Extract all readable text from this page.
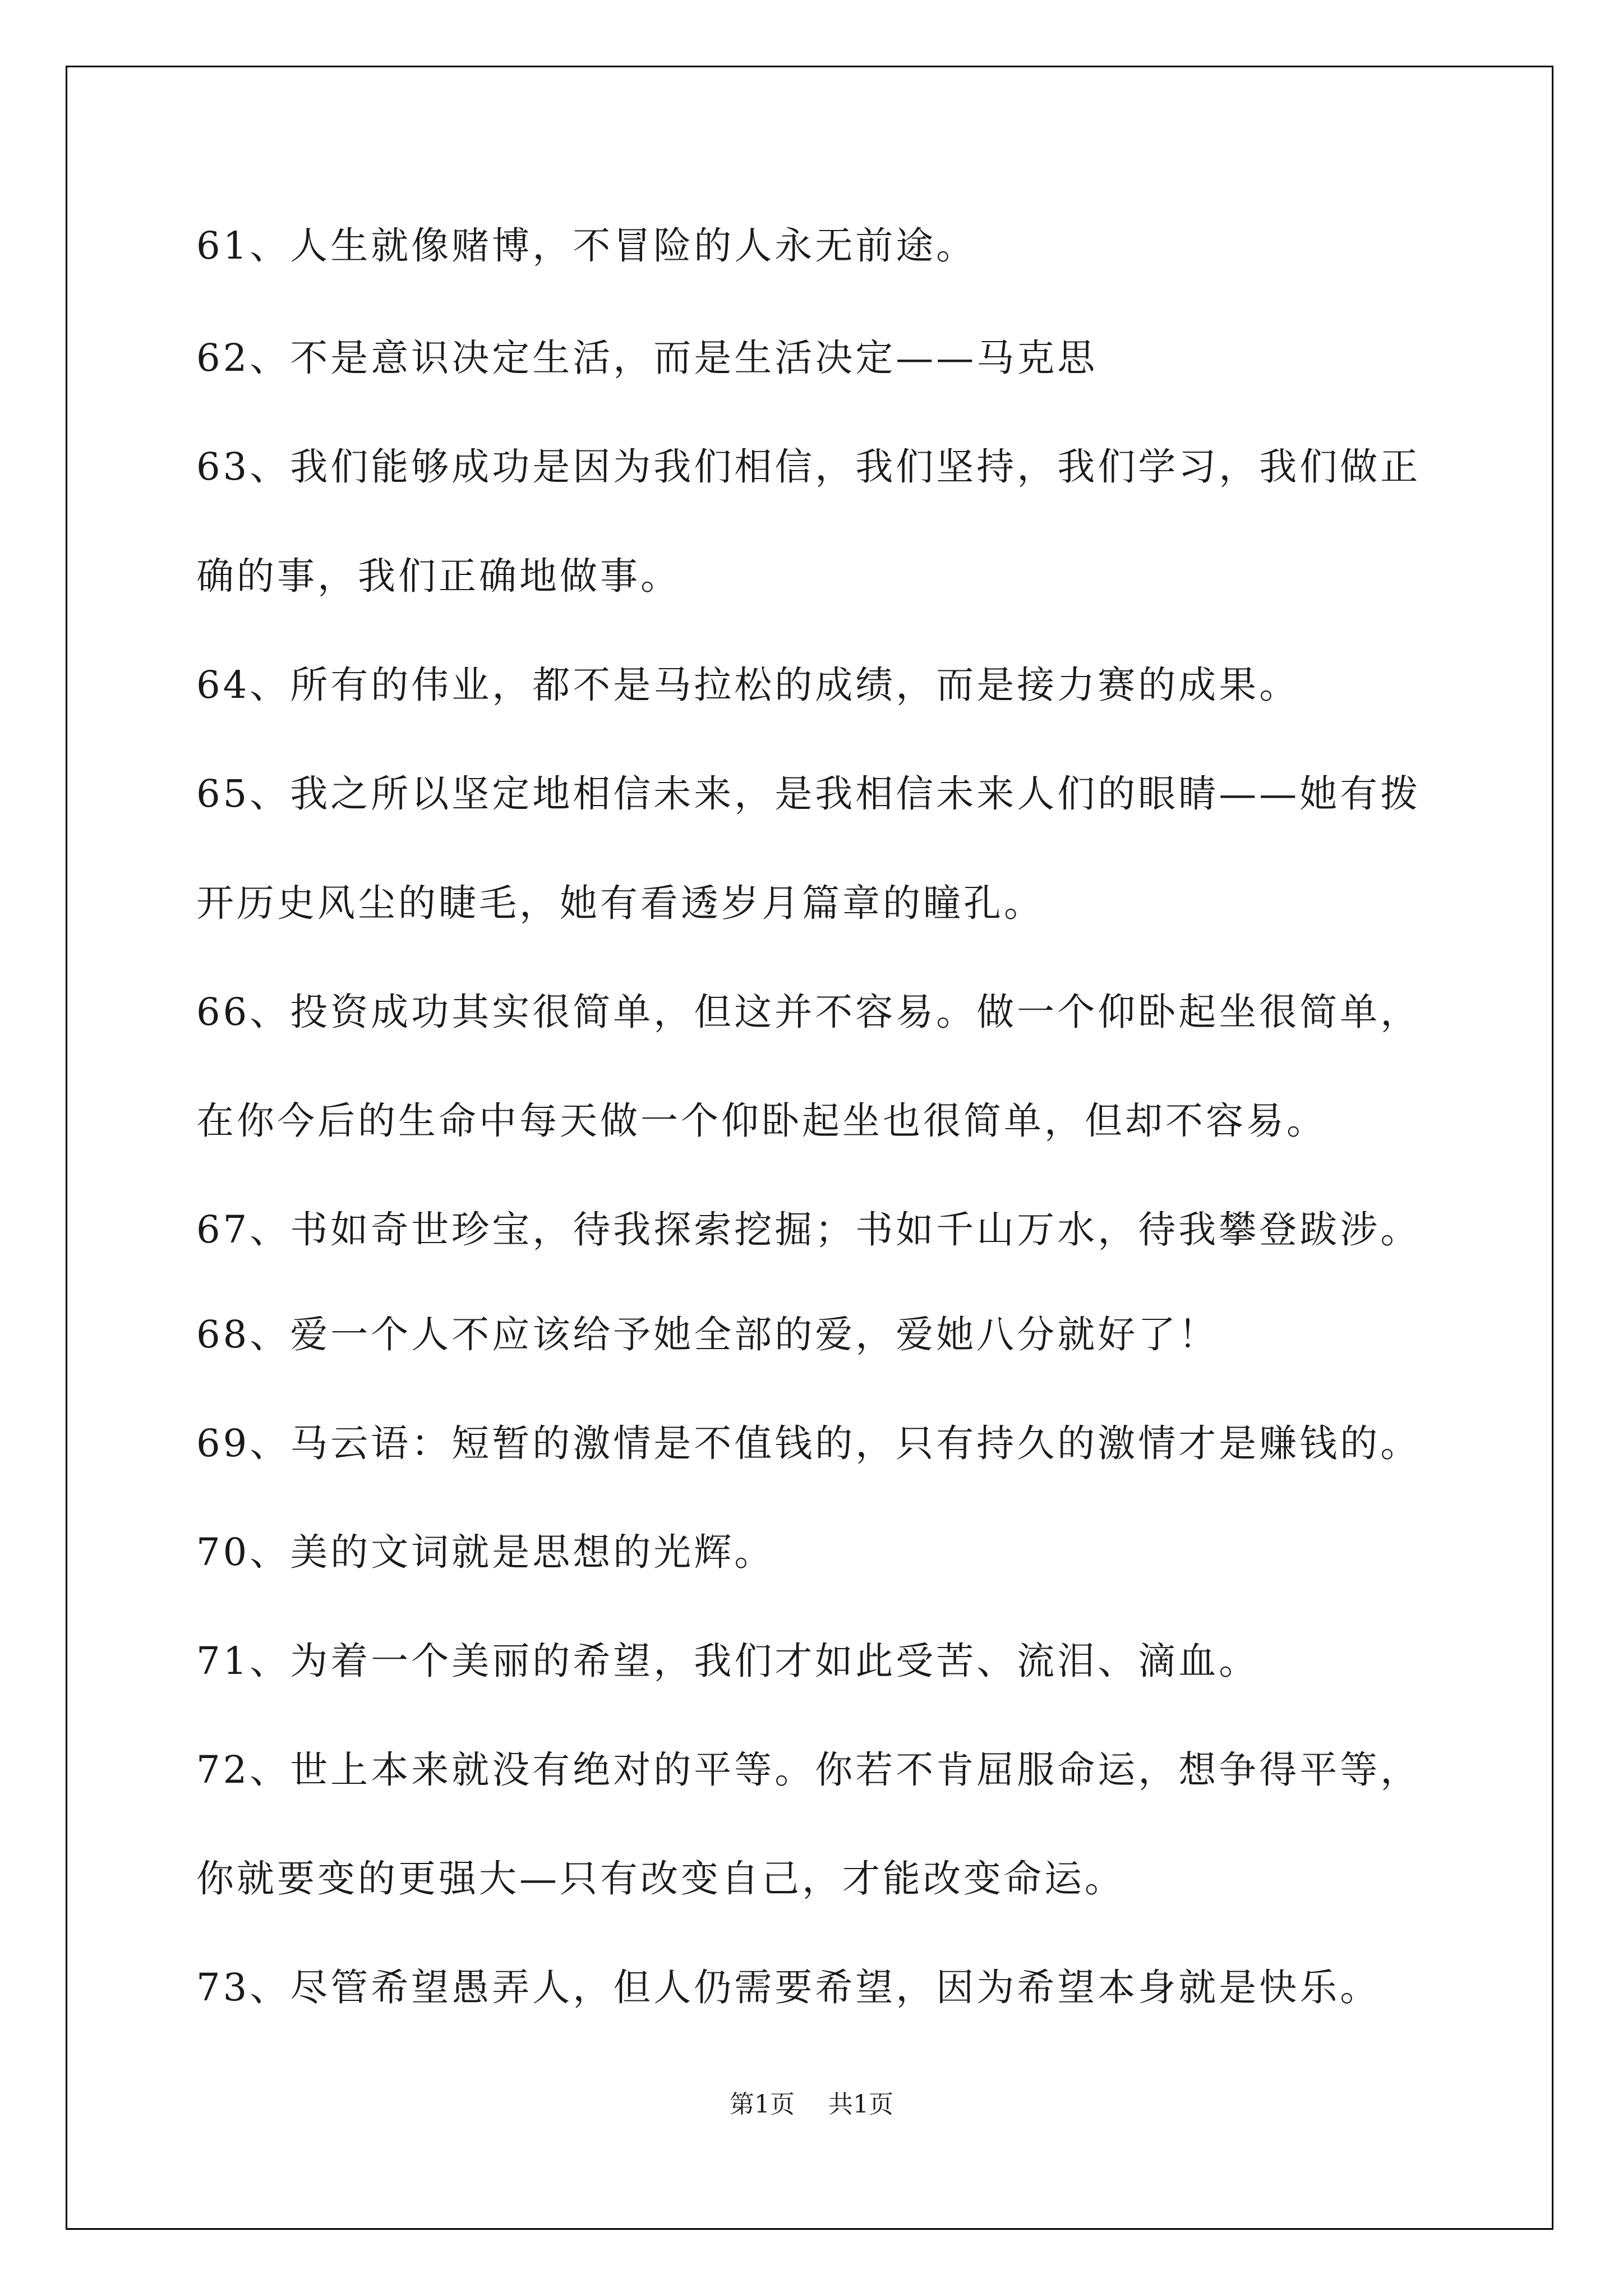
61、人生就像赌博，不冒险的人永无前途。
62、不是意识决定生活，而是生活决定——马克思
63、我们能够成功是因为我们相信，我们坚持，我们学习，我们做正
确的事，我们正确地做事。
64、所有的伟业，都不是马拉松的成绩，而是接力赛的成果。
65、我之所以坚定地相信未来，是我相信未来人们的眼睛——她有拨
开历史风尘的睫毛，她有看透岁月篇章的瞳孔。
66、投资成功其实很简单，但这并不容易。做一个仰卧起坐很简单，
在你今后的生命中每天做一个仰卧起坐也很简单，但却不容易。
67、书如奇世珍宝，待我探索挖掘；书如千山万水，待我攀登跋涉。
68、爱一个人不应该给予她全部的爱，爱她八分就好了！
69、马云语：短暂的激情是不值钱的，只有持久的激情才是赚钱的。
70、美的文词就是思想的光辉。
71、为着一个美丽的希望，我们才如此受苦、流泪、滴血。
72、世上本来就没有绝对的平等。你若不肯屈服命运，想争得平等，
你就要变的更强大—只有改变自己，才能改变命运。
73、尽管希望愚弄人，但人仍需要希望，因为希望本身就是快乐。
第1页 共1页
